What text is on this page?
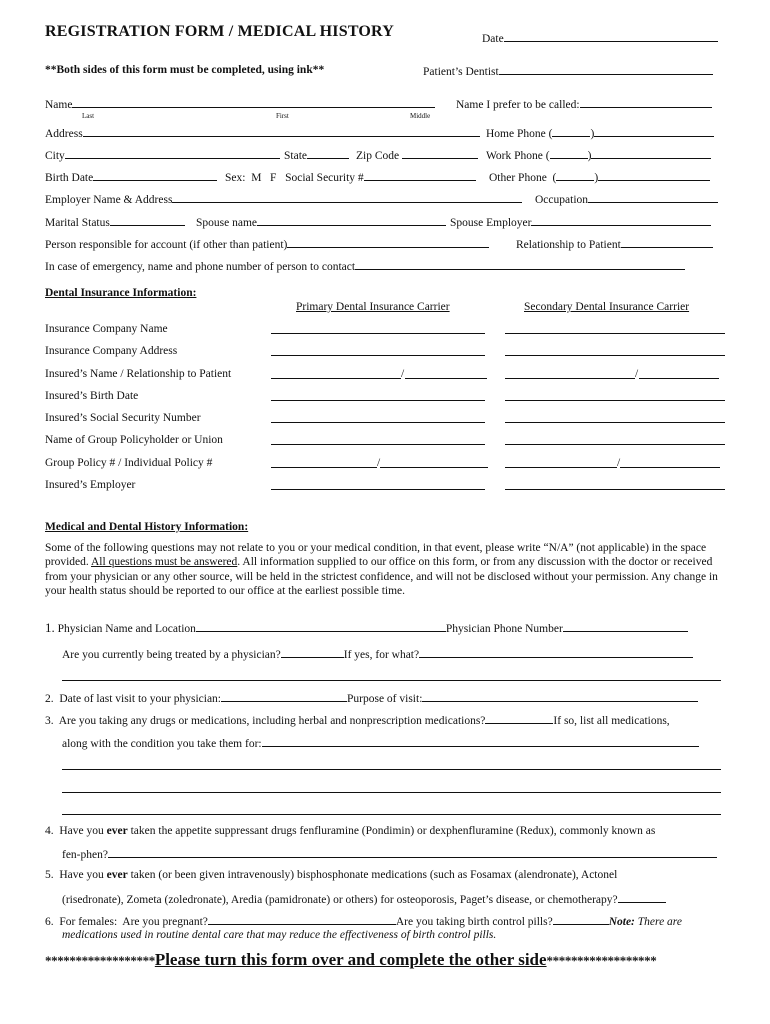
REGISTRATION FORM / MEDICAL HISTORY	Date
**Both sides of this form must be completed, using ink**	Patient’s Dentist
Name
Last	First	Middle
Name I prefer to be called:
Address	Home Phone (	)
City	State	Zip Code	Work Phone (	)
Birth Date	Sex:  M   F   Social Security #	Other Phone  (	)
Employer Name & Address	Occupation
Marital Status	Spouse name	Spouse Employer
Person responsible for account (if other than patient)	Relationship to Patient
In case of emergency, name and phone number of person to contact
Dental Insurance Information:
Primary Dental Insurance Carrier	Secondary Dental Insurance Carrier
Insurance Company Name
Insurance Company Address
Insured’s Name / Relationship to Patient	/	/
Insured’s Birth Date
Insured’s Social Security Number
Name of Group Policyholder or Union
Group Policy # / Individual Policy #	/	/
Insured’s Employer
Medical and Dental History Information:
Some of the following questions may not relate to you or your medical condition, in that event, please write “N/A” (not applicable) in the space provided. All questions must be answered. All information supplied to our office on this form, or from any discussion with the doctor or received from your physician or any other source, will be held in the strictest confidence, and will not be disclosed without your permission. Any change in your health status should be reported to our office at the earliest possible time.
1. Physician Name and Location	Physician Phone Number
Are you currently being treated by a physician?	If yes, for what?
2.  Date of last visit to your physician:	Purpose of visit:
3.  Are you taking any drugs or medications, including herbal and nonprescription medications?	If so, list all medications,
along with the condition you take them for:
4.  Have you ever taken the appetite suppressant drugs fenfluramine (Pondimin) or dexphenfluramine (Redux), commonly known as
fen-phen?
5.  Have you ever taken (or been given intravenously) bisphosphonate medications (such as Fosamax (alendronate), Actonel
(risedronate), Zometa (zoledronate), Aredia (pamidronate) or others) for osteoporosis, Paget’s disease, or chemotherapy?
6.  For females:  Are you pregnant?	Are you taking birth control pills?	Note: There are
medications used in routine dental care that may reduce the effectiveness of birth control pills.
******************Please turn this form over and complete the other side******************
